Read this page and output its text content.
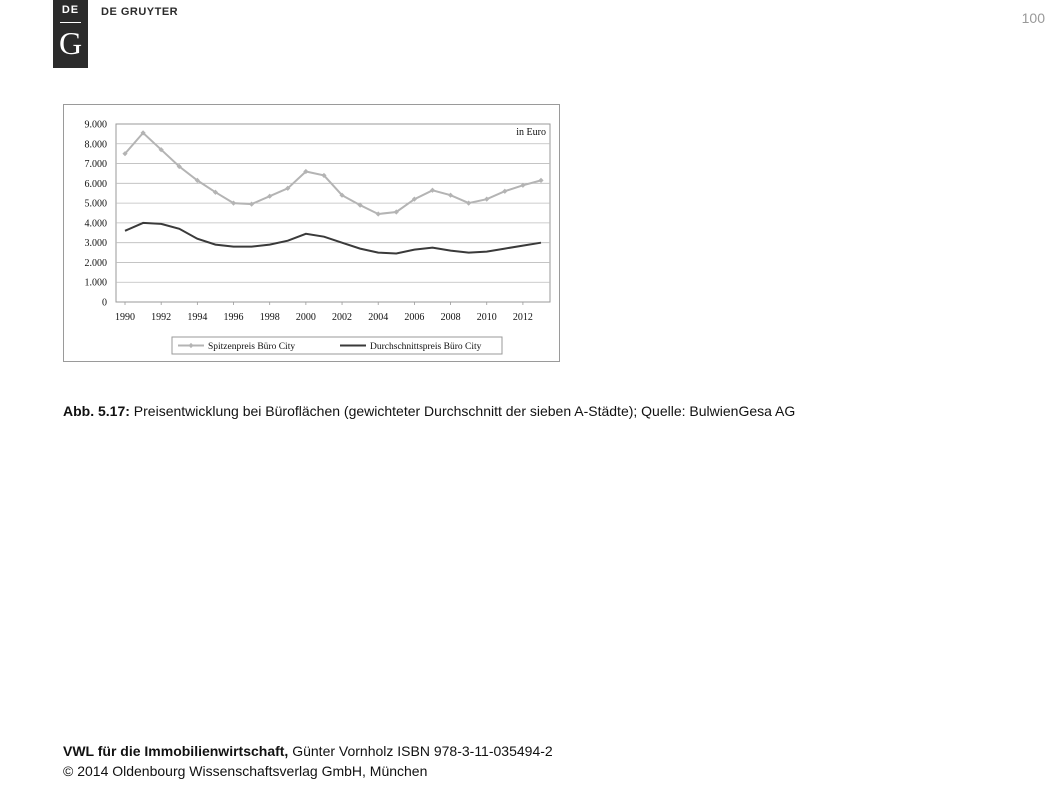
DE
G
DE GRUYTER	100
0
1.000
2.000
3.000
4.000
5.000
6.000
7.000
8.000
9.000
1990 1992 1994 1996 1998 2000 2002 2004 2006 2008 2010 2012
in Euro
Spitzenpreis Büro City	Durchschnittspreis Büro City
Abb. 5.17: Preisentwicklung bei Büroflächen (gewichteter Durchschnitt der sieben A-Städte); Quelle: BulwienGesa AG
VWL für die Immobilienwirtschaft, Günter Vornholz ISBN 978-3-11-035494-2
© 2014 Oldenbourg Wissenschaftsverlag GmbH, München
